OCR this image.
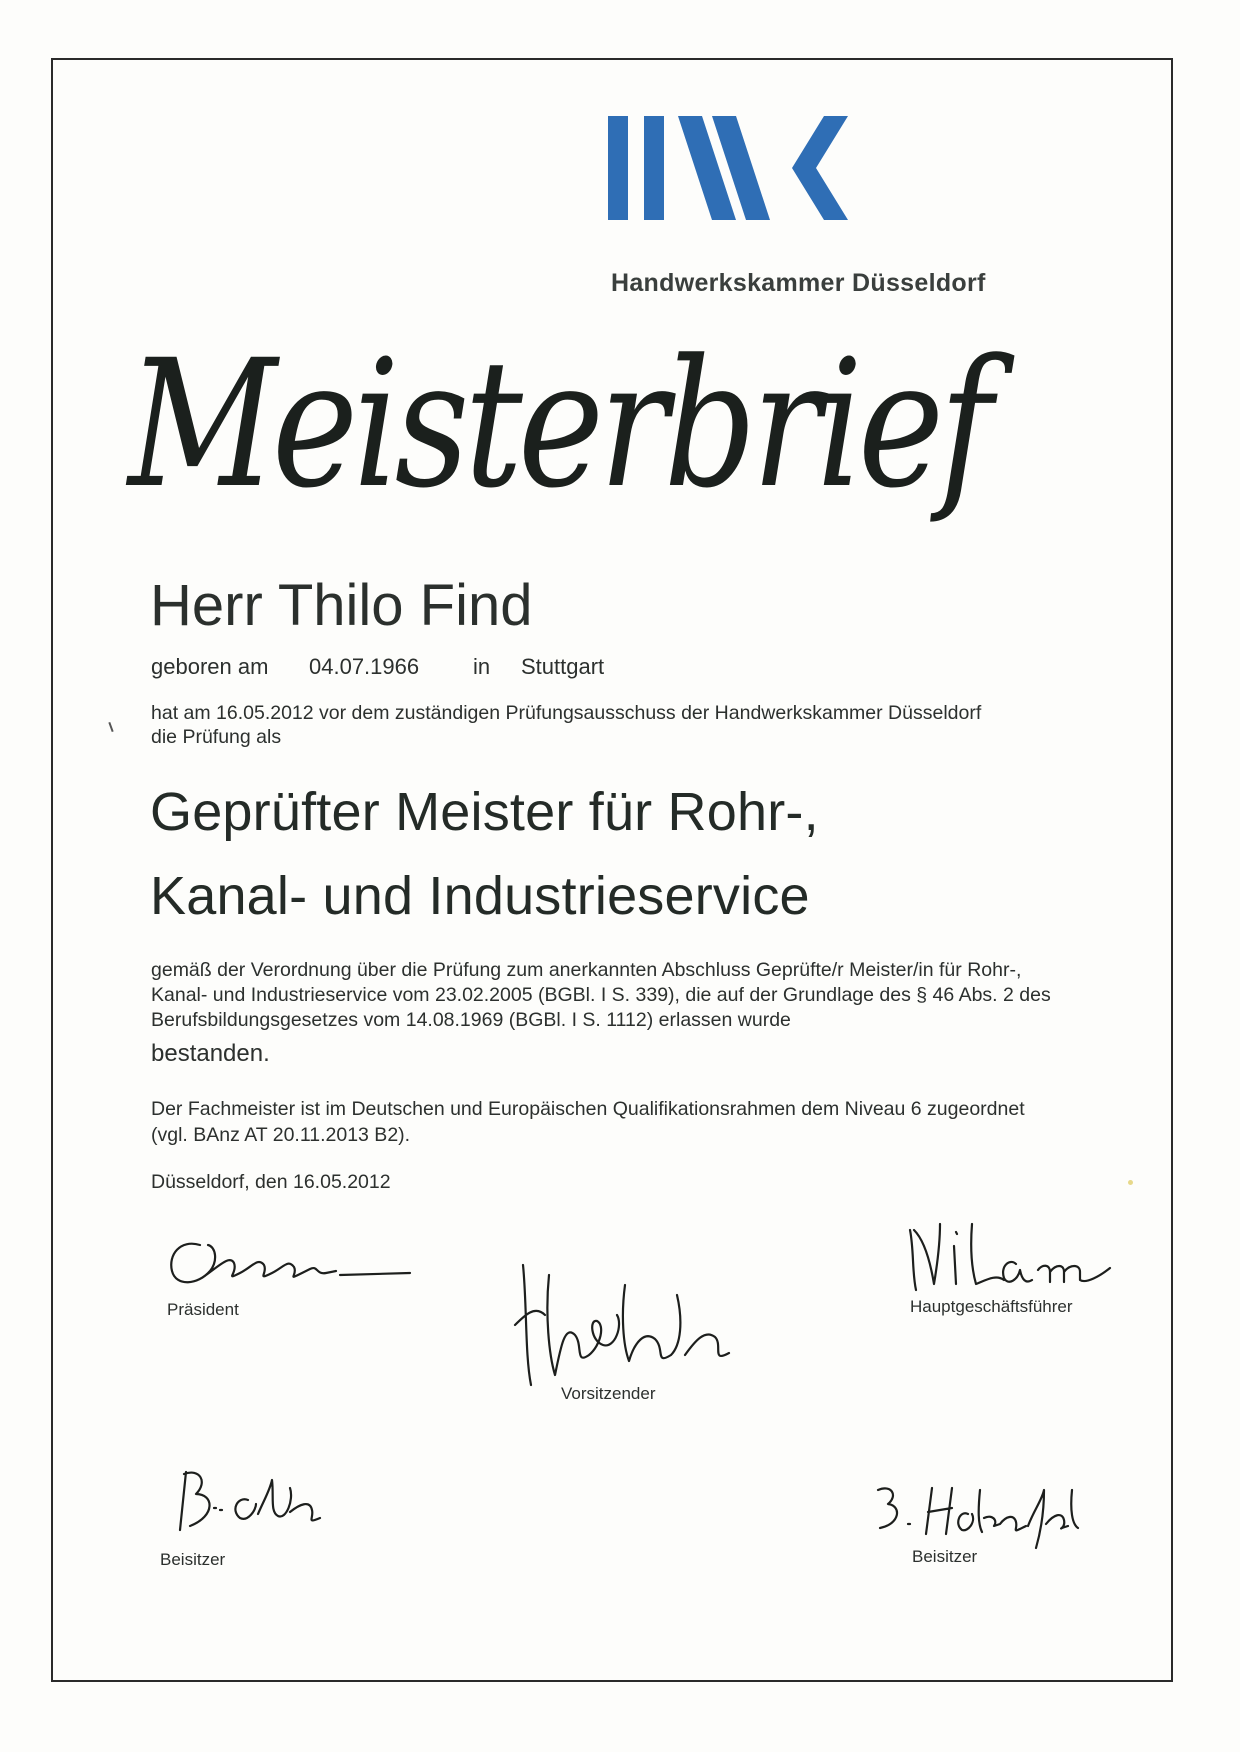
Handwerkskammer Düsseldorf
Meisterbrief
Herr Thilo Find
geboren am 04.07.1966 in Stuttgart
hat am 16.05.2012 vor dem zuständigen Prüfungsausschuss der Handwerkskammer Düsseldorf
die Prüfung als
Geprüfter Meister für Rohr-,
Kanal- und Industrieservice
gemäß der Verordnung über die Prüfung zum anerkannten Abschluss Geprüfte/r Meister/in für Rohr-,
Kanal- und Industrieservice vom 23.02.2005 (BGBl. I S. 339), die auf der Grundlage des § 46 Abs. 2 des
Berufsbildungsgesetzes vom 14.08.1969 (BGBl. I S. 1112) erlassen wurde
bestanden.
Der Fachmeister ist im Deutschen und Europäischen Qualifikationsrahmen dem Niveau 6 zugeordnet
(vgl. BAnz AT 20.11.2013 B2).
Düsseldorf, den 16.05.2012
Präsident
Vorsitzender
Hauptgeschäftsführer
Beisitzer	Beisitzer
